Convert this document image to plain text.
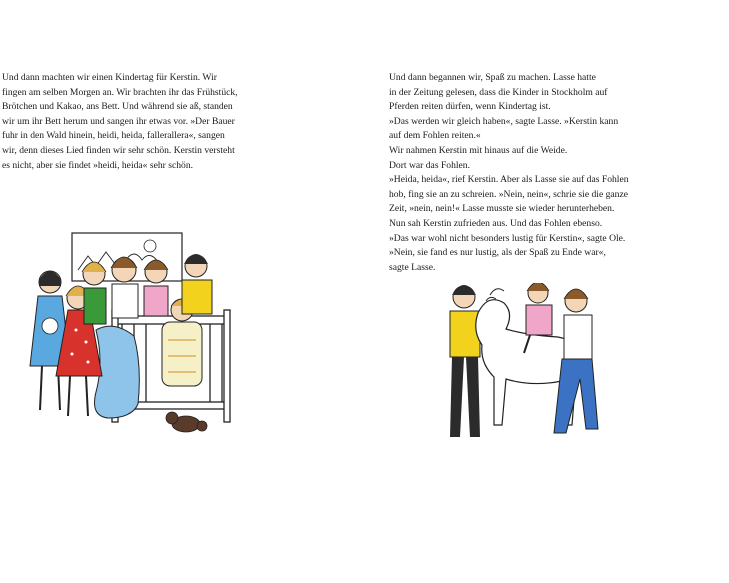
Und dann machten wir einen Kindertag für Kerstin. Wir
fingen am selben Morgen an. Wir brachten ihr das Frühstück,
Brötchen und Kakao, ans Bett. Und während sie aß, standen
wir um ihr Bett herum und sangen ihr etwas vor. »Der Bauer
fuhr in den Wald hinein, heidi, heida, fallerallera«, sangen
wir, denn dieses Lied finden wir sehr schön. Kerstin versteht
es nicht, aber sie findet »heidi, heida« sehr schön.
Und dann begannen wir, Spaß zu machen. Lasse hatte
in der Zeitung gelesen, dass die Kinder in Stockholm auf
Pferden reiten dürfen, wenn Kindertag ist.
»Das werden wir gleich haben«, sagte Lasse. »Kerstin kann
auf dem Fohlen reiten.«
Wir nahmen Kerstin mit hinaus auf die Weide.
Dort war das Fohlen.
»Heida, heida«, rief Kerstin. Aber als Lasse sie auf das Fohlen
hob, fing sie an zu schreien. »Nein, nein«, schrie sie die ganze
Zeit, »nein, nein!« Lasse musste sie wieder herunterheben.
Nun sah Kerstin zufrieden aus. Und das Fohlen ebenso.
»Das war wohl nicht besonders lustig für Kerstin«, sagte Ole.
»Nein, sie fand es nur lustig, als der Spaß zu Ende war«,
sagte Lasse.
